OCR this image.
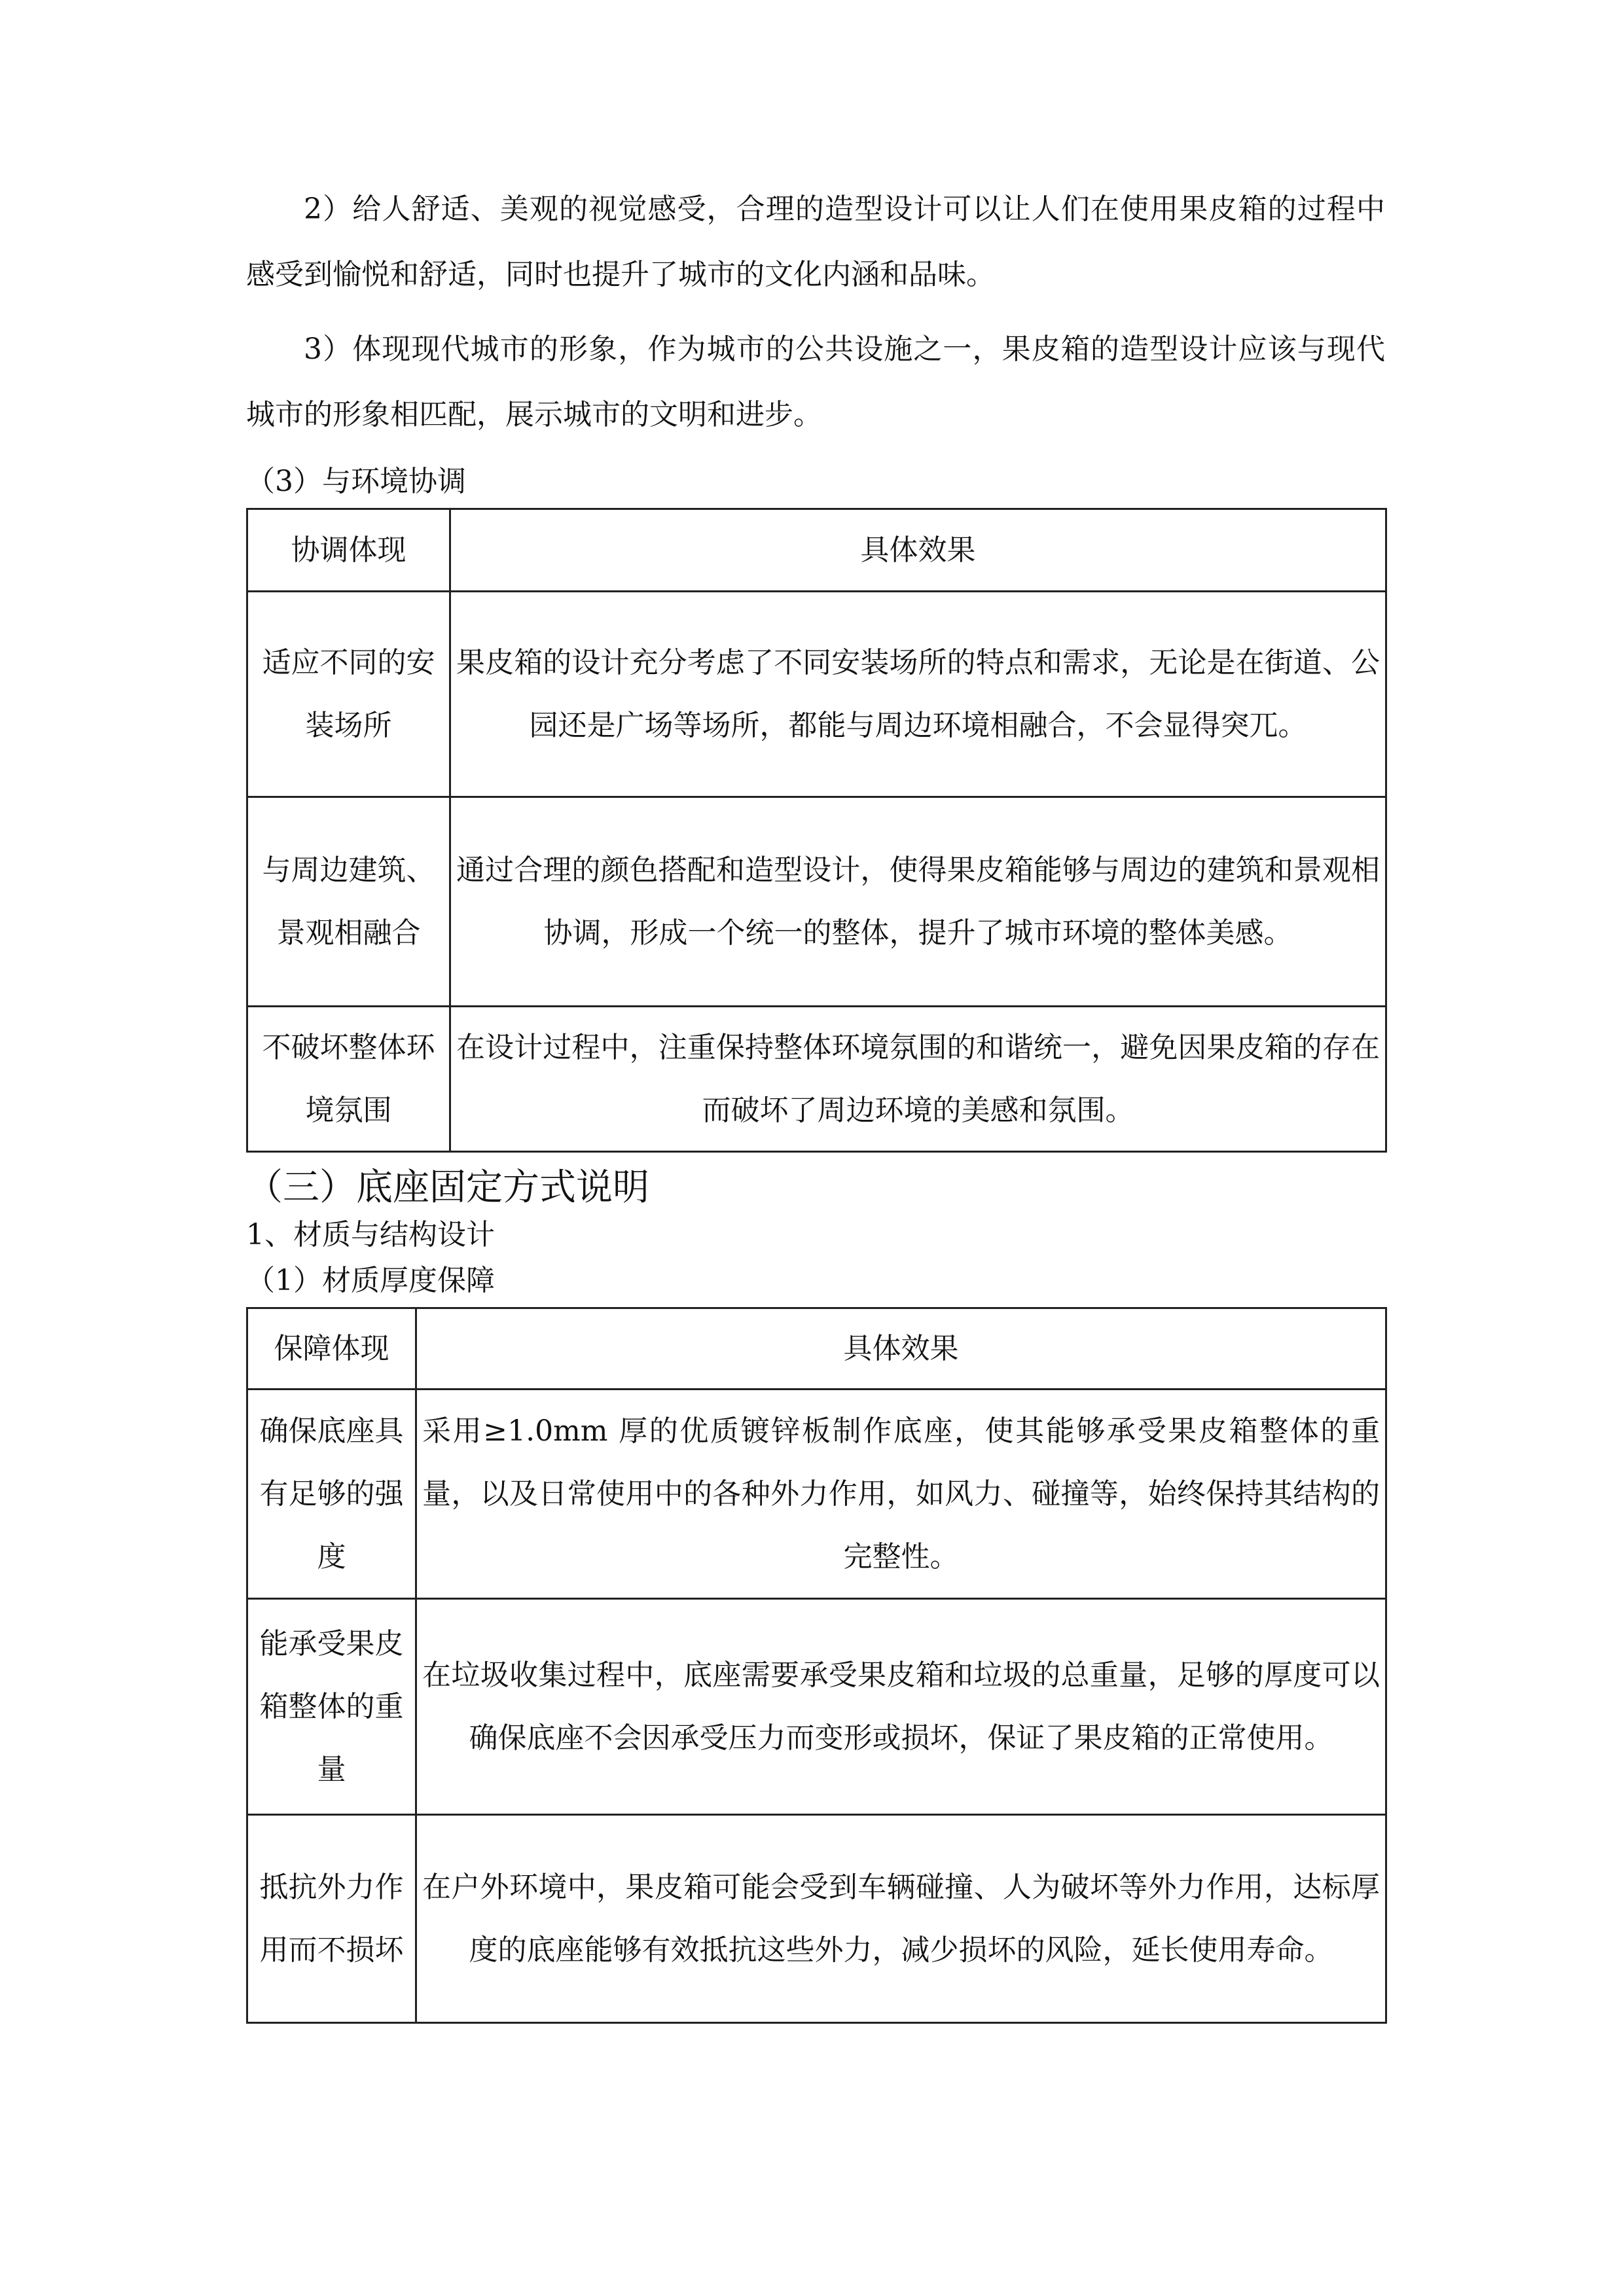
2）给人舒适、美观的视觉感受，合理的造型设计可以让人们在使用果皮箱的过程中感受到愉悦和舒适，同时也提升了城市的文化内涵和品味。

3）体现现代城市的形象，作为城市的公共设施之一，果皮箱的造型设计应该与现代城市的形象相匹配，展示城市的文明和进步。

（3）与环境协调

协调体现	具体效果
适应不同的安装场所	果皮箱的设计充分考虑了不同安装场所的特点和需求，无论是在街道、公园还是广场等场所，都能与周边环境相融合，不会显得突兀。
与周边建筑、景观相融合	通过合理的颜色搭配和造型设计，使得果皮箱能够与周边的建筑和景观相协调，形成一个统一的整体，提升了城市环境的整体美感。
不破坏整体环境氛围	在设计过程中，注重保持整体环境氛围的和谐统一，避免因果皮箱的存在而破坏了周边环境的美感和氛围。

（三）底座固定方式说明

1、材质与结构设计

（1）材质厚度保障

保障体现	具体效果
确保底座具有足够的强度	采用≥1.0mm 厚的优质镀锌板制作底座，使其能够承受果皮箱整体的重量，以及日常使用中的各种外力作用，如风力、碰撞等，始终保持其结构的完整性。
能承受果皮箱整体的重量	在垃圾收集过程中，底座需要承受果皮箱和垃圾的总重量，足够的厚度可以确保底座不会因承受压力而变形或损坏，保证了果皮箱的正常使用。
抵抗外力作用而不损坏	在户外环境中，果皮箱可能会受到车辆碰撞、人为破坏等外力作用，达标厚度的底座能够有效抵抗这些外力，减少损坏的风险，延长使用寿命。
